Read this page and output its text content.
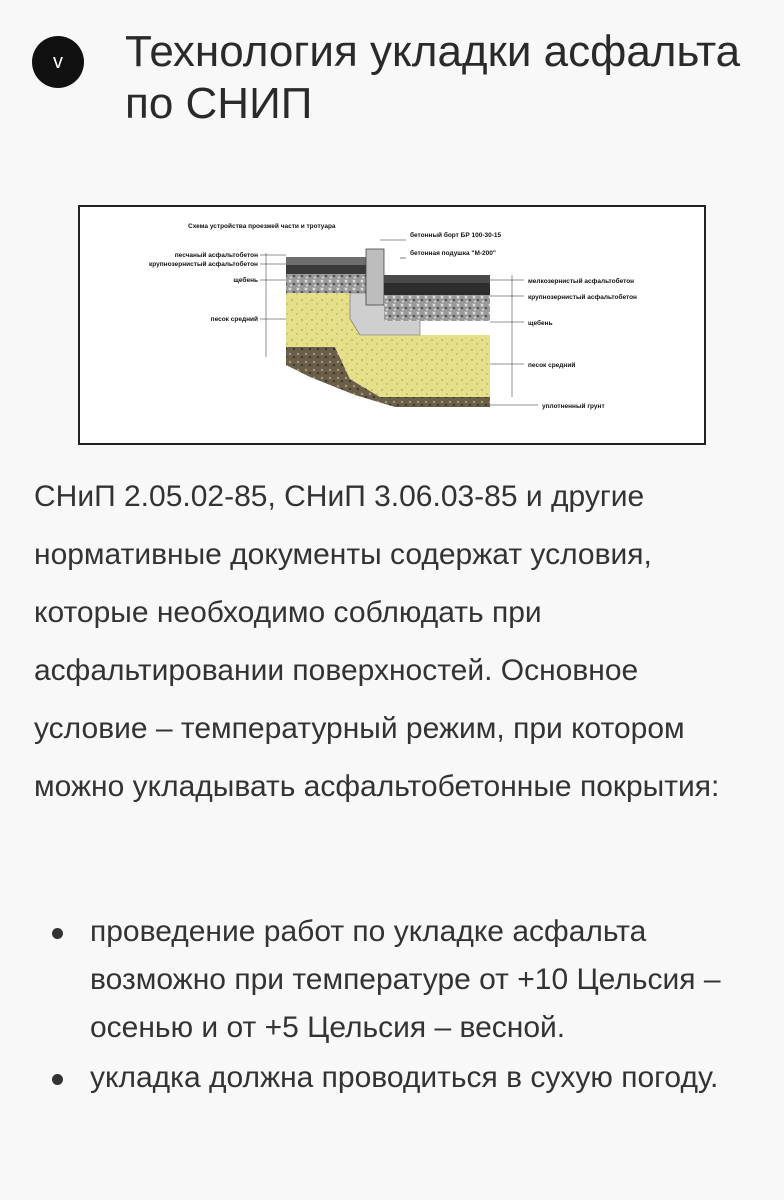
v	Технология укладки асфальта по СНИП
Схема устройства проезжей части и тротуара
песчаный асфальтобетон
крупнозернистый асфальтобетон
щебень
песок средний
бетонный борт БР 100-30-15
бетонная подушка "М-200"
мелкозернистый асфальтобетон
крупнозернистый асфальтобетон
щебень
песок средний
уплотненный грунт

СНиП 2.05.02-85, СНиП 3.06.03-85 и другие нормативные документы содержат условия, которые необходимо соблюдать при асфальтировании поверхностей. Основное условие – температурный режим, при котором можно укладывать асфальтобетонные покрытия:

проведение работ по укладке асфальта возможно при температуре от +10 Цельсия – осенью и от +5 Цельсия – весной.
укладка должна проводиться в сухую погоду.
